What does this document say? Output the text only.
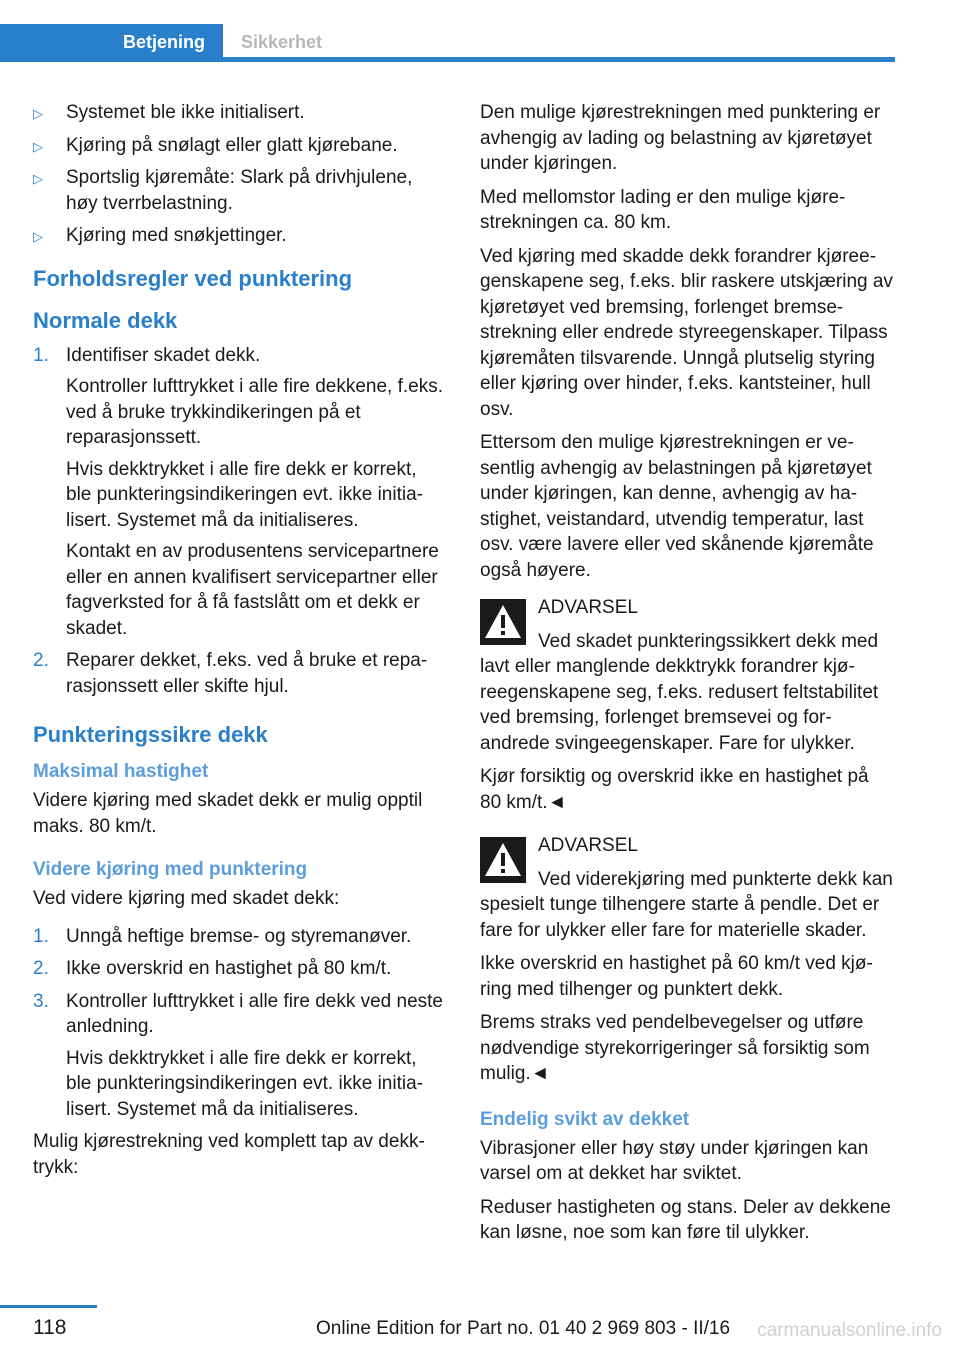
Betjening	Sikkerhet
▷ Systemet ble ikke initialisert.
▷ Kjøring på snølagt eller glatt kjørebane.
▷ Sportslig kjøremåte: Slark på drivhjulene, høy tverrbelastning.
▷ Kjøring med snøkjettinger.
Forholdsregler ved punktering
Normale dekk
1. Identifiser skadet dekk.

Kontroller lufttrykket i alle fire dekkene, f.eks. ved å bruke trykkindikeringen på et reparasjonssett.

Hvis dekktrykket i alle fire dekk er korrekt, ble punkteringsindikeringen evt. ikke initialisert. Systemet må da initialiseres.

Kontakt en av produsentens servicepartnere eller en annen kvalifisert servicepartner eller fagverksted for å få fastslått om et dekk er skadet.

2. Reparer dekket, f.eks. ved å bruke et reparasjonssett eller skifte hjul.

Punkteringssikre dekk
Maksimal hastighet

Videre kjøring med skadet dekk er mulig opptil maks. 80 km/t.

Videre kjøring med punktering

Ved videre kjøring med skadet dekk:

1. Unngå heftige bremse- og styremanøver.

2. Ikke overskrid en hastighet på 80 km/t.

3. Kontroller lufttrykket i alle fire dekk ved neste anledning.

Hvis dekktrykket i alle fire dekk er korrekt, ble punkteringsindikeringen evt. ikke initialisert. Systemet må da initialiseres.

Mulig kjørestrekning ved komplett tap av dekktrykk:

Den mulige kjørestrekningen med punktering er avhengig av lading og belastning av kjøretøyet under kjøringen.

Med mellomstor lading er den mulige kjørestrekningen ca. 80 km.

Ved kjøring med skadde dekk forandrer kjøreegenskapene seg, f.eks. blir raskere utskjæring av kjøretøyet ved bremsing, forlenget bremsestrekning eller endrede styreegenskaper. Tilpass kjøremåten tilsvarende. Unngå plutselig styring eller kjøring over hinder, f.eks. kantsteiner, hull osv.

Ettersom den mulige kjørestrekningen er vesentlig avhengig av belastningen på kjøretøyet under kjøringen, kan denne, avhengig av hastighet, veistandard, utvendig temperatur, last osv. være lavere eller ved skånende kjøremåte også høyere.

ADVARSEL

Ved skadet punkteringssikkert dekk med lavt eller manglende dekktrykk forandrer kjøreegenskapene seg, f.eks. redusert feltstabilitet ved bremsing, forlenget bremsevei og forandrede svingeegenskaper. Fare for ulykker.

Kjør forsiktig og overskrid ikke en hastighet på 80 km/t.◄

ADVARSEL

Ved viderekjøring med punkterte dekk kan spesielt tunge tilhengere starte å pendle. Det er fare for ulykker eller fare for materielle skader.

Ikke overskrid en hastighet på 60 km/t ved kjøring med tilhenger og punktert dekk.

Brems straks ved pendelbevegelser og utføre nødvendige styrekorrigeringer så forsiktig som mulig.◄

Endelig svikt av dekket

Vibrasjoner eller høy støy under kjøringen kan varsel om at dekket har sviktet.

Reduser hastigheten og stans. Deler av dekkene kan løsne, noe som kan føre til ulykker.

118	Online Edition for Part no. 01 40 2 969 803 - II/16 carmanualsonline.info
